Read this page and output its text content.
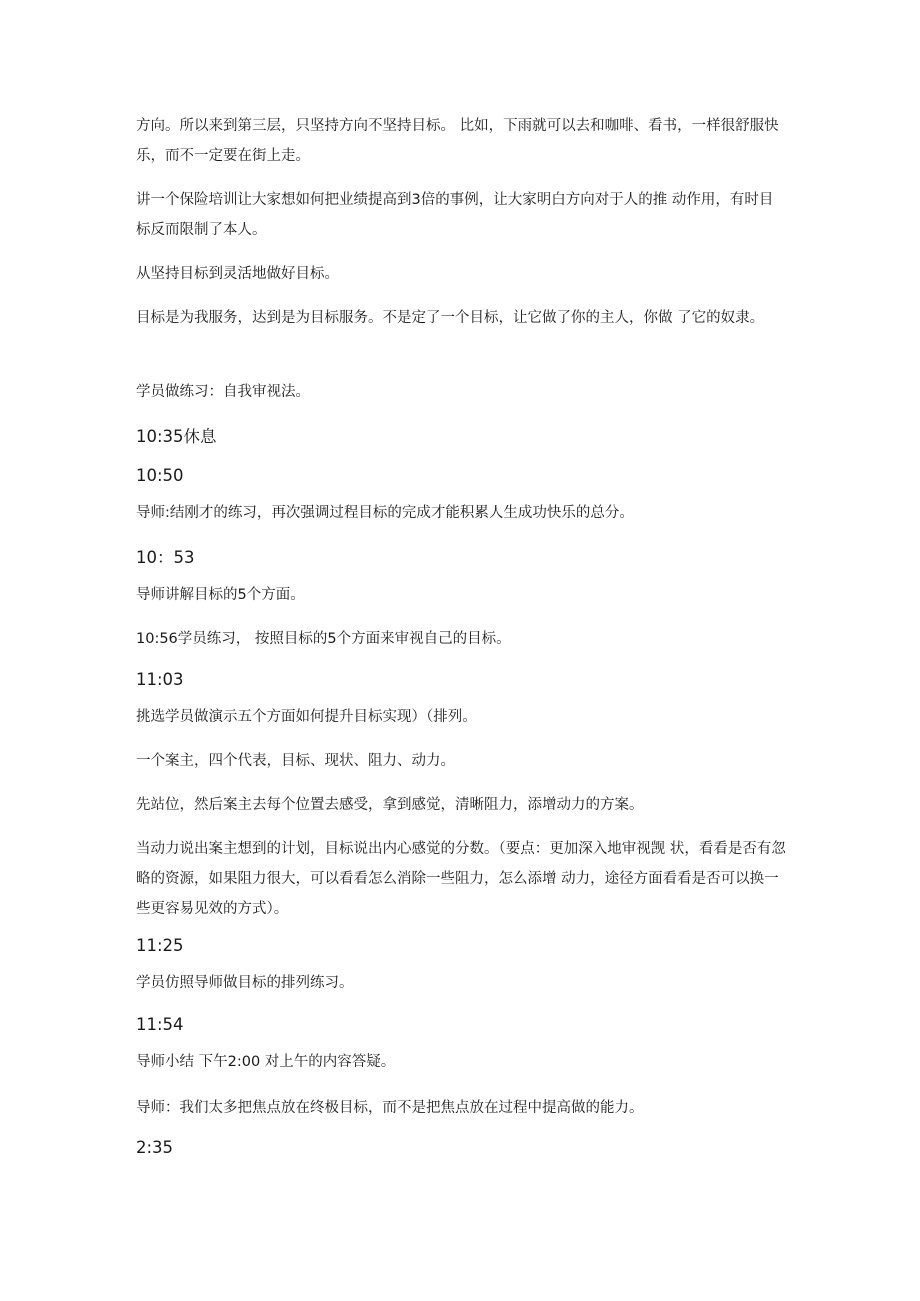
方向。所以来到第三层，只坚持方向不坚持目标。 比如，下雨就可以去和咖啡、看书，一样很舒服快乐，而不一定要在街上走。

讲一个保险培训让大家想如何把业绩提高到3倍的事例，让大家明白方向对于人的推 动作用，有时目标反而限制了本人。

从坚持目标到灵活地做好目标。

目标是为我服务，达到是为目标服务。不是定了一个目标，让它做了你的主人，你做 了它的奴隶。

学员做练习：自我审视法。

10:35休息

10:50

导师:结刚才的练习，再次强调过程目标的完成才能积累人生成功快乐的总分。

10：53

导师讲解目标的5个方面。

10:56学员练习， 按照目标的5个方面来审视自己的目标。

11:03

挑选学员做演示五个方面如何提升目标实现）（排列。

一个案主，四个代表，目标、现状、阻力、动力。

先站位，然后案主去每个位置去感受，拿到感觉，清晰阻力，添增动力的方案。

当动力说出案主想到的计划，目标说出内心感觉的分数。（要点：更加深入地审视觊 状，看看是否有忽略的资源，如果阻力很大，可以看看怎么消除一些阻力，怎么添增 动力，途径方面看看是否可以换一些更容易见效的方式）。

11:25

学员仿照导师做目标的排列练习。

11:54

导师小结 下午2:00 对上午的内容答疑。

导师：我们太多把焦点放在终极目标，而不是把焦点放在过程中提高做的能力。

2:35
